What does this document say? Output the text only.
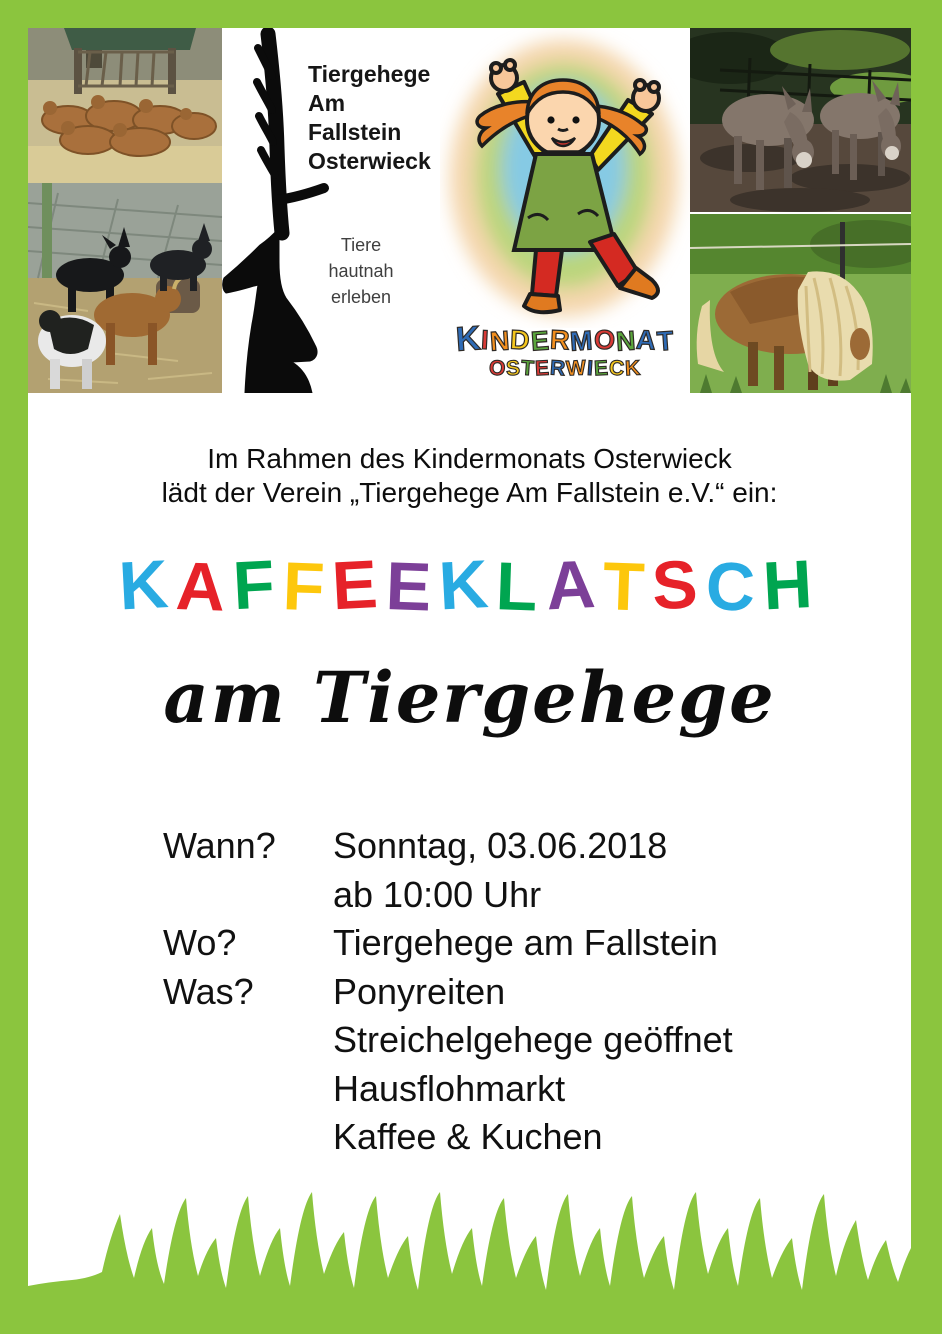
Tiergehege
Am Fallstein
Osterwieck
Tiere
hautnah
erleben
KINDERMONAT
OSTERWIECK
Im Rahmen des Kindermonats Osterwieck
lädt der Verein „Tiergehege Am Fallstein e.V.“ ein:
KAFFEEKLATSCH
am Tiergehege
Wann?	Sonntag, 03.06.2018
ab 10:00 Uhr
Wo?	Tiergehege am Fallstein
Was?	Ponyreiten
Streichelgehege geöffnet
Hausflohmarkt
Kaffee & Kuchen
